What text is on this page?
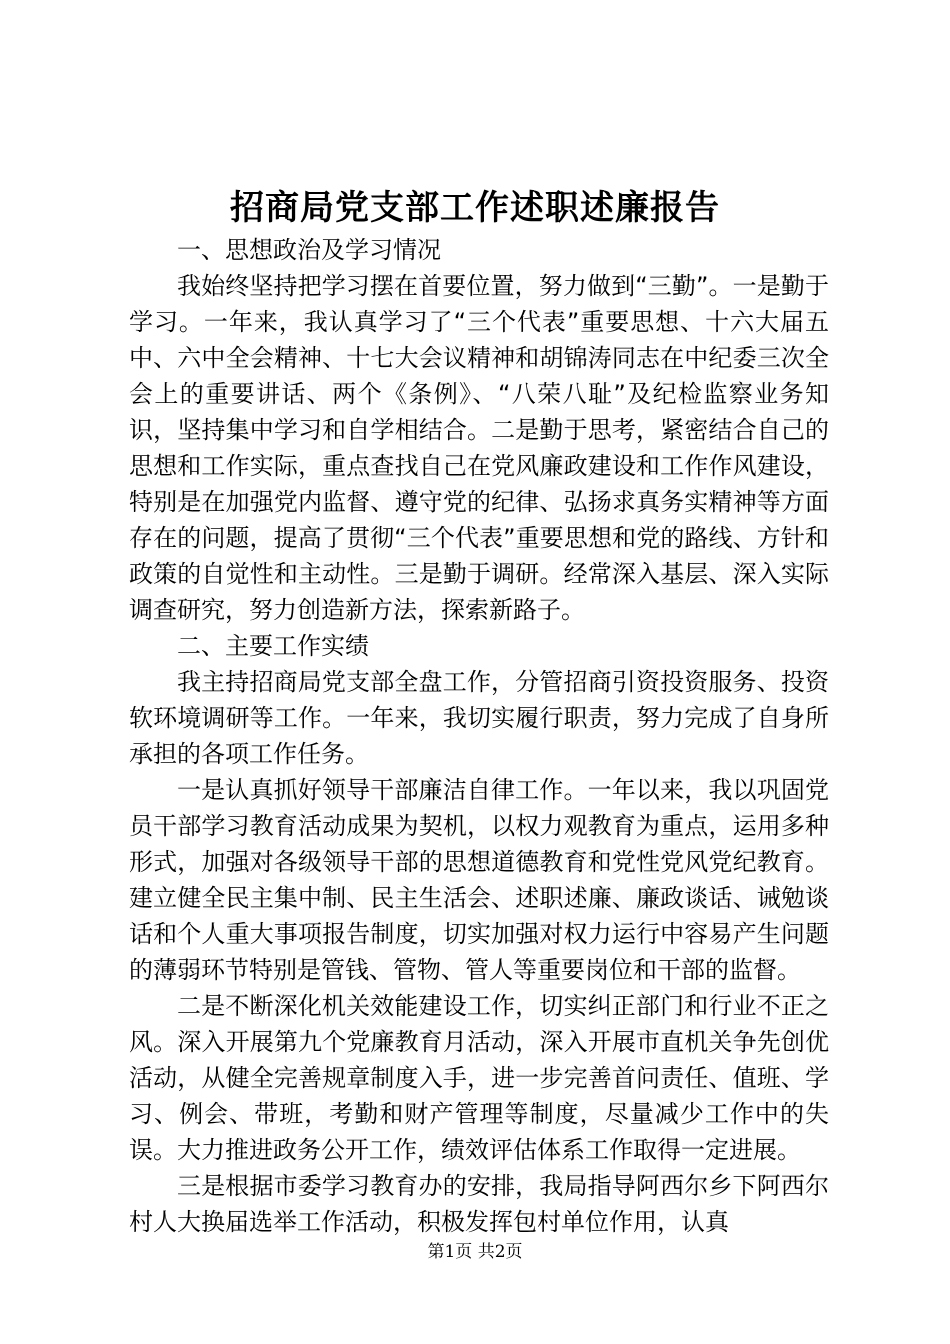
招商局党支部工作述职述廉报告

一、思想政治及学习情况

我始终坚持把学习摆在首要位置，努力做到“三勤”。一是勤于学习。一年来，我认真学习了“三个代表”重要思想、十六大届五中、六中全会精神、十七大会议精神和胡锦涛同志在中纪委三次全会上的重要讲话、两个《条例》、“八荣八耻”及纪检监察业务知识，坚持集中学习和自学相结合。二是勤于思考，紧密结合自己的思想和工作实际，重点查找自己在党风廉政建设和工作作风建设，特别是在加强党内监督、遵守党的纪律、弘扬求真务实精神等方面存在的问题，提高了贯彻“三个代表”重要思想和党的路线、方针和政策的自觉性和主动性。三是勤于调研。经常深入基层、深入实际调查研究，努力创造新方法，探索新路子。

二、主要工作实绩

我主持招商局党支部全盘工作，分管招商引资投资服务、投资软环境调研等工作。一年来，我切实履行职责，努力完成了自身所承担的各项工作任务。

一是认真抓好领导干部廉洁自律工作。一年以来，我以巩固党员干部学习教育活动成果为契机，以权力观教育为重点，运用多种形式，加强对各级领导干部的思想道德教育和党性党风党纪教育。建立健全民主集中制、民主生活会、述职述廉、廉政谈话、诫勉谈话和个人重大事项报告制度，切实加强对权力运行中容易产生问题的薄弱环节特别是管钱、管物、管人等重要岗位和干部的监督。

二是不断深化机关效能建设工作，切实纠正部门和行业不正之风。深入开展第九个党廉教育月活动，深入开展市直机关争先创优活动，从健全完善规章制度入手，进一步完善首问责任、值班、学习、例会、带班，考勤和财产管理等制度，尽量减少工作中的失误。大力推进政务公开工作，绩效评估体系工作取得一定进展。

三是根据市委学习教育办的安排，我局指导阿西尔乡下阿西尔村人大换届选举工作活动，积极发挥包村单位作用，认真

第1页 共2页
